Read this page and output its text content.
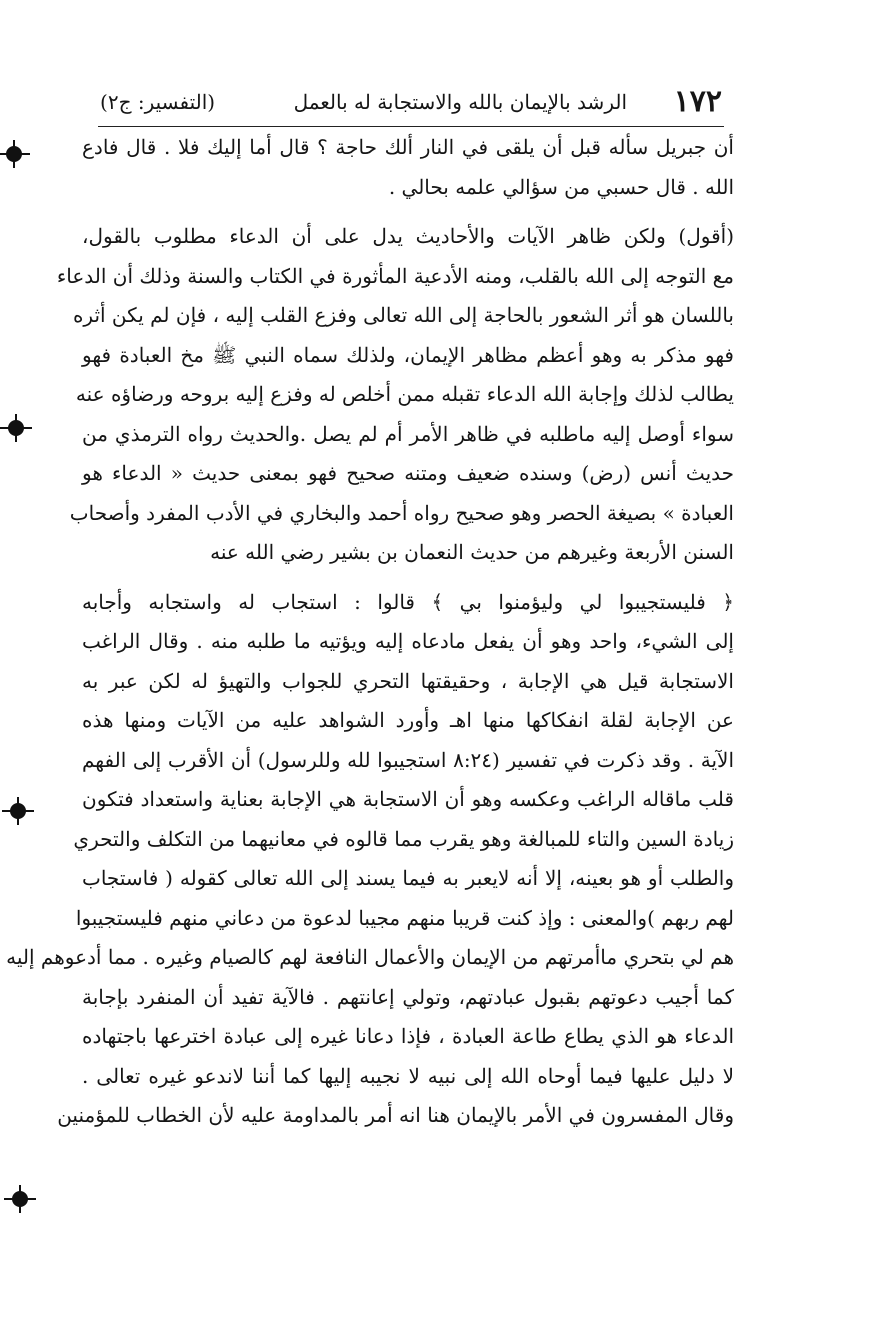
١٧٢
الرشد بالإيمان بالله والاستجابة له بالعمل
(التفسير: ج٢)
أن جبريل سأله قبل أن يلقى في النار ألك حاجة ؟ قال أما إليك فلا . قال فادع
الله . قال حسبي من سؤالي علمه بحالي .
(أقول) ولكن ظاهر الآيات والأحاديث يدل على أن الدعاء مطلوب بالقول،
مع التوجه إلى الله بالقلب، ومنه الأدعية المأثورة في الكتاب والسنة وذلك أن الدعاء
باللسان هو أثر الشعور بالحاجة إلى الله تعالى وفزع القلب إليه ، فإن لم يكن أثره
فهو مذكر به وهو أعظم مظاهر الإيمان، ولذلك سماه النبي ﷺ مخ العبادة فهو
يطالب لذلك وإجابة الله الدعاء تقبله ممن أخلص له وفزع إليه بروحه ورضاؤه عنه
سواء أوصل إليه ماطلبه في ظاهر الأمر أم لم يصل .والحديث رواه الترمذي من
حديث أنس (رض) وسنده ضعيف ومتنه صحيح فهو بمعنى حديث « الدعاء هو
العبادة » بصيغة الحصر وهو صحيح رواه أحمد والبخاري في الأدب المفرد وأصحاب
السنن الأربعة وغيرهم من حديث النعمان بن بشير رضي الله عنه
﴿ فليستجيبوا لي وليؤمنوا بي ﴾ قالوا : استجاب له واستجابه وأجابه
إلى الشيء، واحد وهو أن يفعل مادعاه إليه ويؤتيه ما طلبه منه . وقال الراغب
الاستجابة قيل هي الإجابة ، وحقيقتها التحري للجواب والتهيؤ له لكن عبر به
عن الإجابة لقلة انفكاكها منها اهـ وأورد الشواهد عليه من الآيات ومنها هذه
الآية . وقد ذكرت في تفسير (٨:٢٤ استجيبوا لله وللرسول) أن الأقرب إلى الفهم
قلب ماقاله الراغب وعكسه وهو أن الاستجابة هي الإجابة بعناية واستعداد فتكون
زيادة السين والتاء للمبالغة وهو يقرب مما قالوه في معانيهما من التكلف والتحري
والطلب أو هو بعينه، إلا أنه لايعبر به فيما يسند إلى الله تعالى كقوله ( فاستجاب
لهم ربهم )والمعنى : وإذ كنت قريبا منهم مجيبا لدعوة من دعاني منهم فليستجيبوا
هم لي بتحري ماأمرتهم من الإيمان والأعمال النافعة لهم كالصيام وغيره . مما أدعوهم إليه
كما أجيب دعوتهم بقبول عبادتهم، وتولي إعانتهم . فالآية تفيد أن المنفرد بإجابة
الدعاء هو الذي يطاع طاعة العبادة ، فإذا دعانا غيره إلى عبادة اخترعها باجتهاده
لا دليل عليها فيما أوحاه الله إلى نبيه لا نجيبه إليها كما أننا لاندعو غيره تعالى .
وقال المفسرون في الأمر بالإيمان هنا انه أمر بالمداومة عليه لأن الخطاب للمؤمنين
